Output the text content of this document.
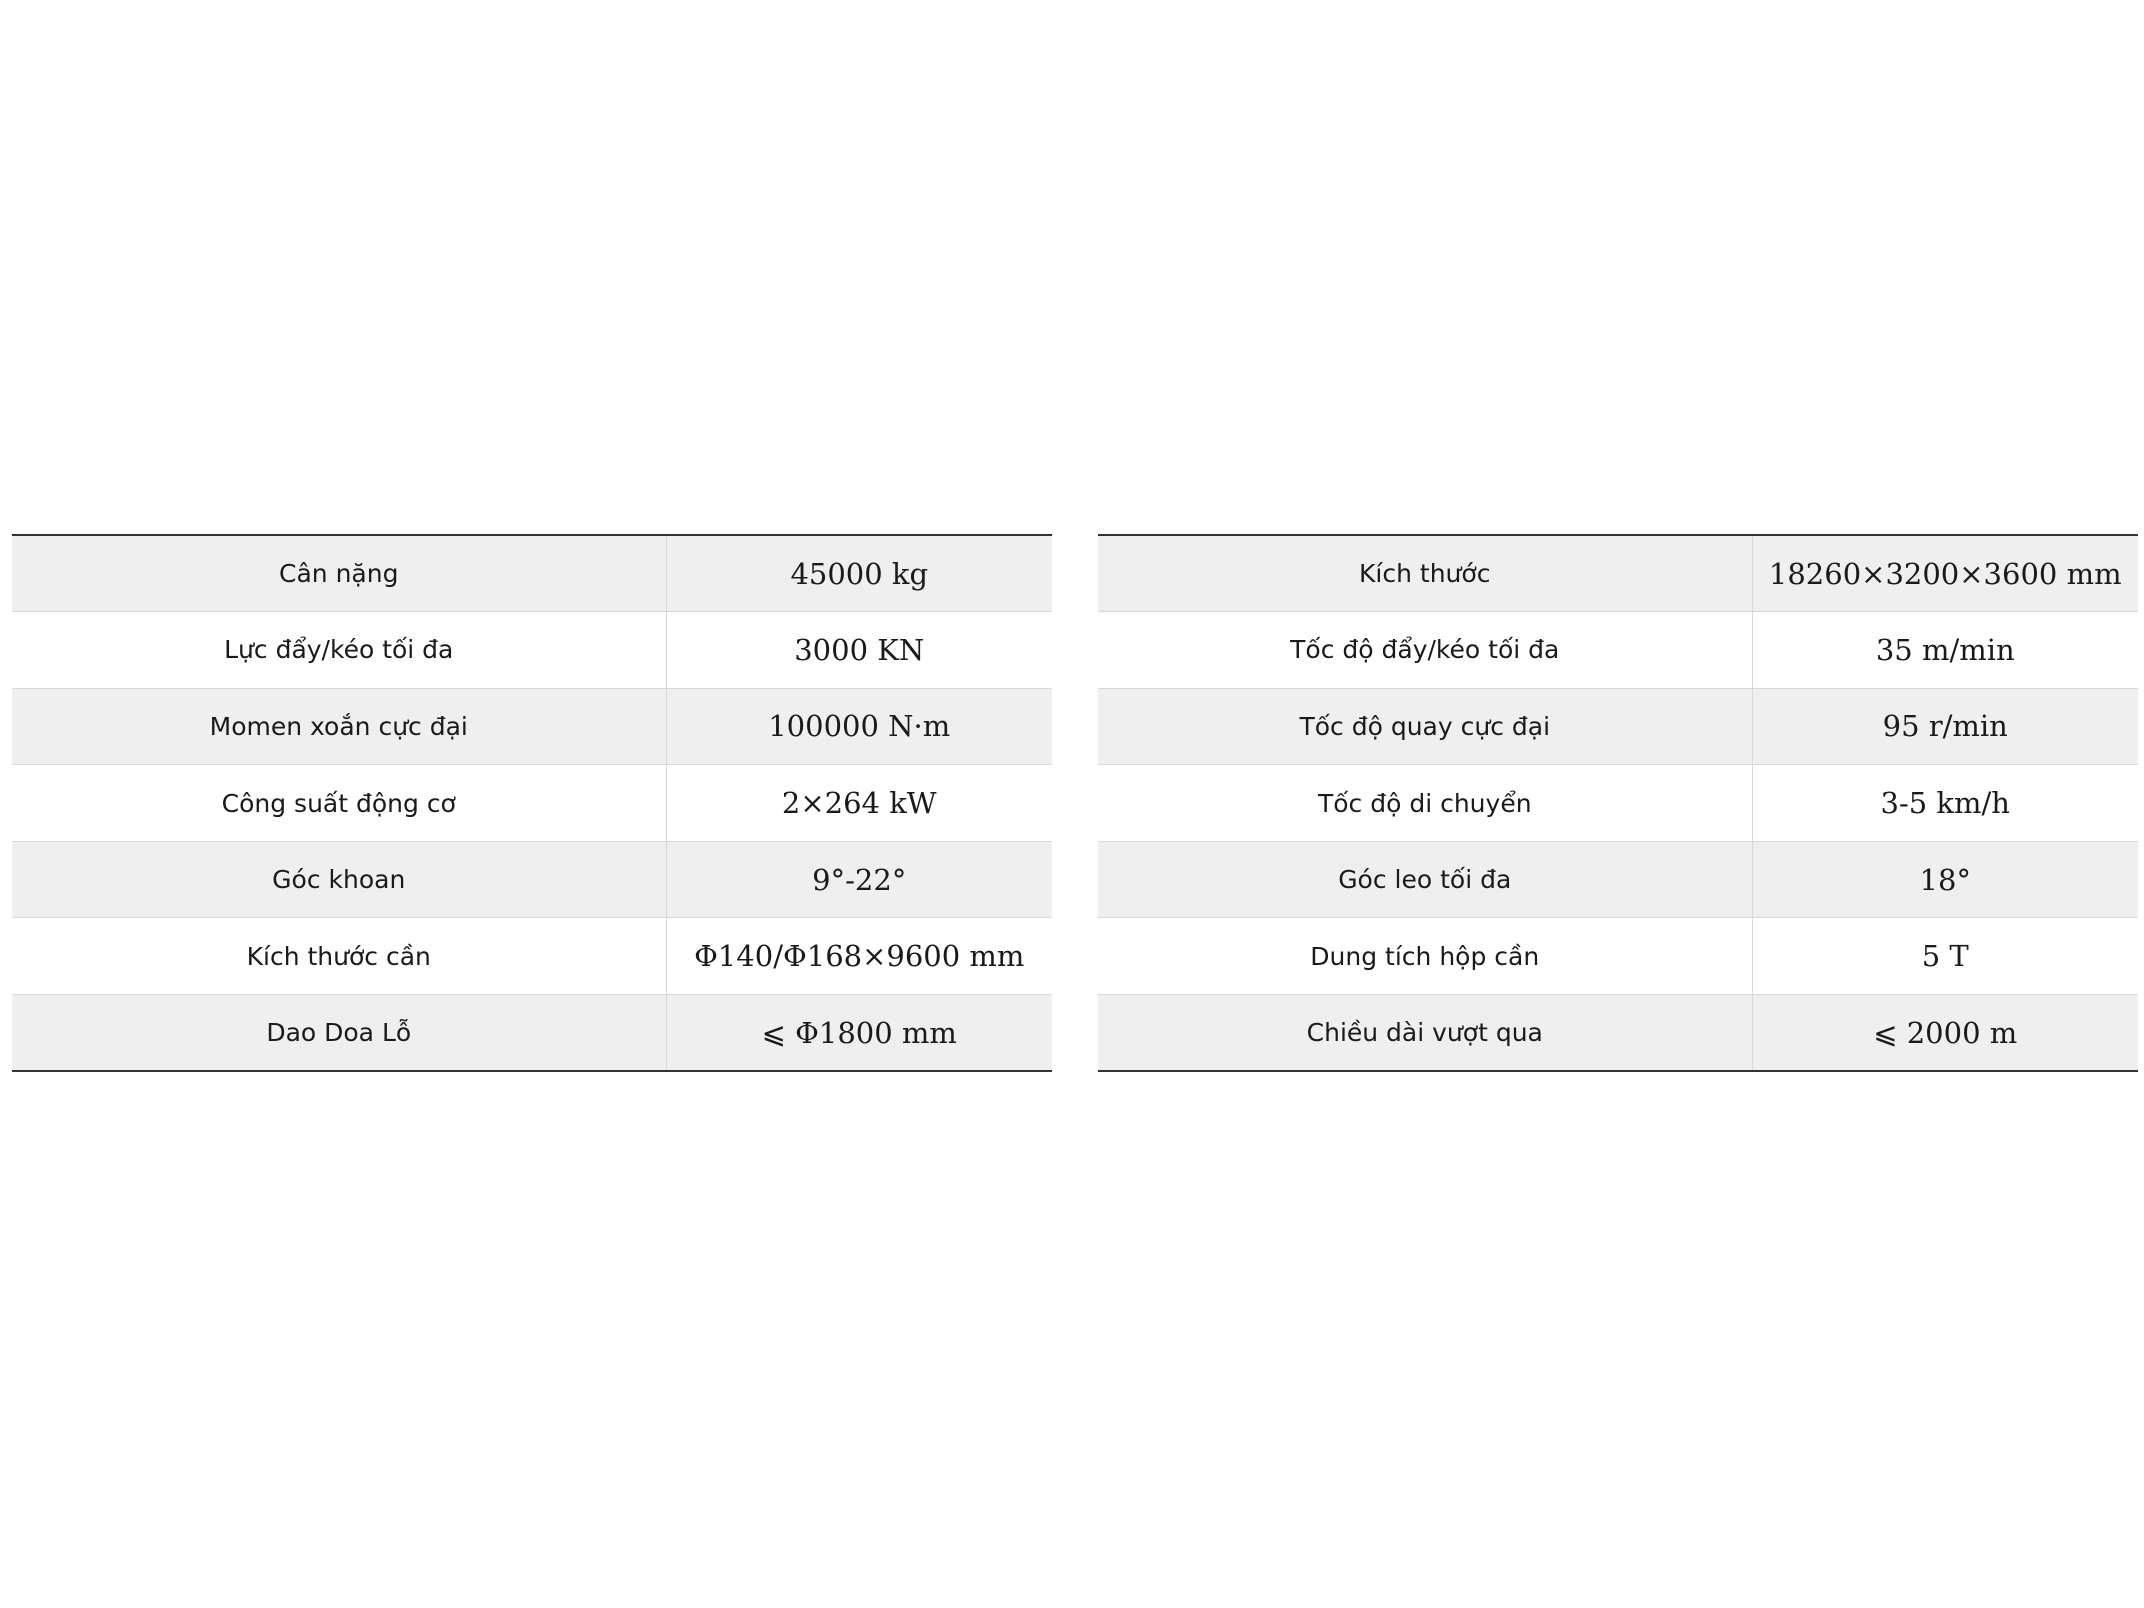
Cân nặng	45000 kg
Lực đẩy/kéo tối đa	3000 KN
Momen xoắn cực đại	100000 N·m
Công suất động cơ	2×264 kW
Góc khoan	9°-22°
Kích thước cần	Φ140/Φ168×9600 mm
Dao Doa Lỗ	⩽ Φ1800 mm
Kích thước	18260×3200×3600 mm
Tốc độ đẩy/kéo tối đa	35 m/min
Tốc độ quay cực đại	95 r/min
Tốc độ di chuyển	3-5 km/h
Góc leo tối đa	18°
Dung tích hộp cần	5 T
Chiều dài vượt qua	⩽ 2000 m
